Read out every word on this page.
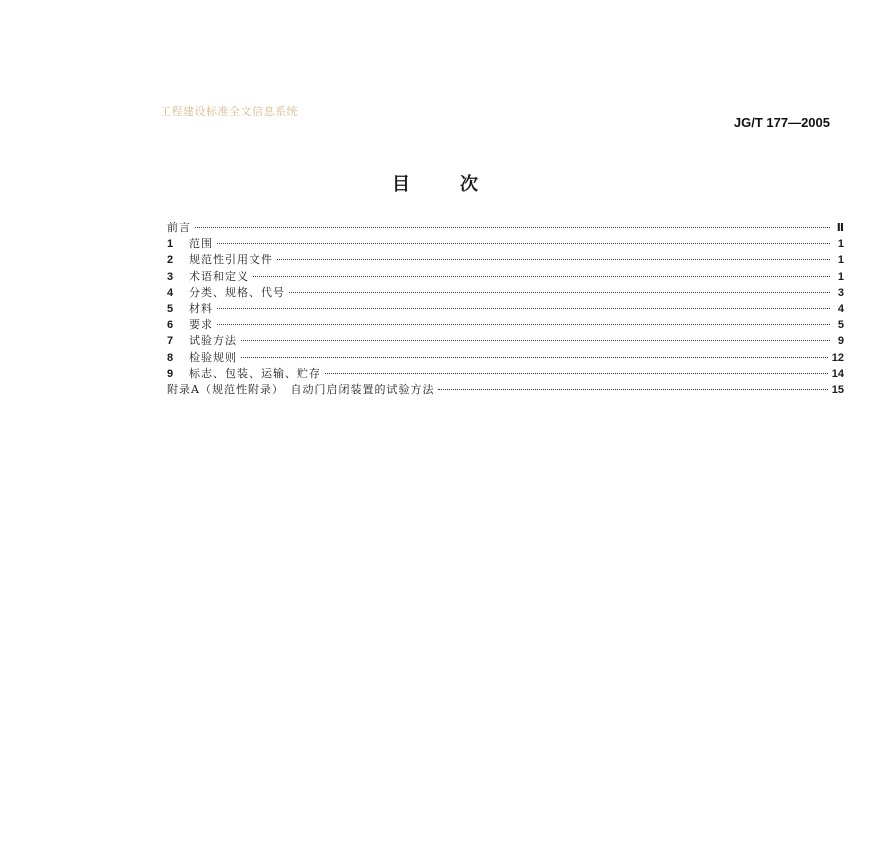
工程建设标准全文信息系统
JG/T 177—2005
目	次
前言	Ⅱ
1	范围	1
2	规范性引用文件	1
3	术语和定义	1
4	分类、规格、代号	3
5	材料	4
6	要求	5
7	试验方法	9
8	检验规则	12
9	标志、包装、运输、贮存	14
附录A（规范性附录）　自动门启闭装置的试验方法	15
